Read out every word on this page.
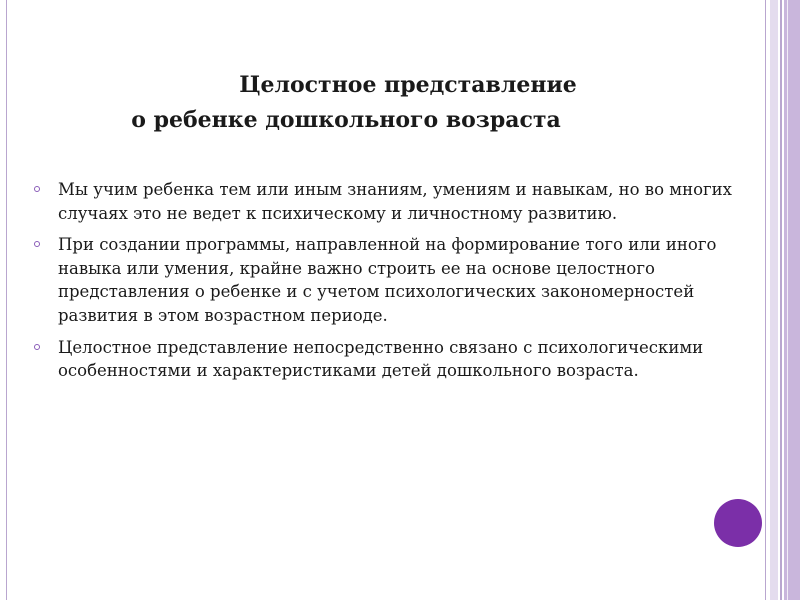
Целостное представление
о ребенке дошкольного возраста
Мы учим ребенка тем или иным знаниям, умениям и навыкам, но во многих случаях это не ведет к психическому и личностному развитию.
При создании программы, направленной на формирование того или иного навыка или умения, крайне важно строить ее на основе целостного представления о ребенке и с учетом психологических закономерностей развития в этом возрастном периоде.
Целостное представление непосредственно связано с психологическими особенностями и характеристиками детей дошкольного возраста.
